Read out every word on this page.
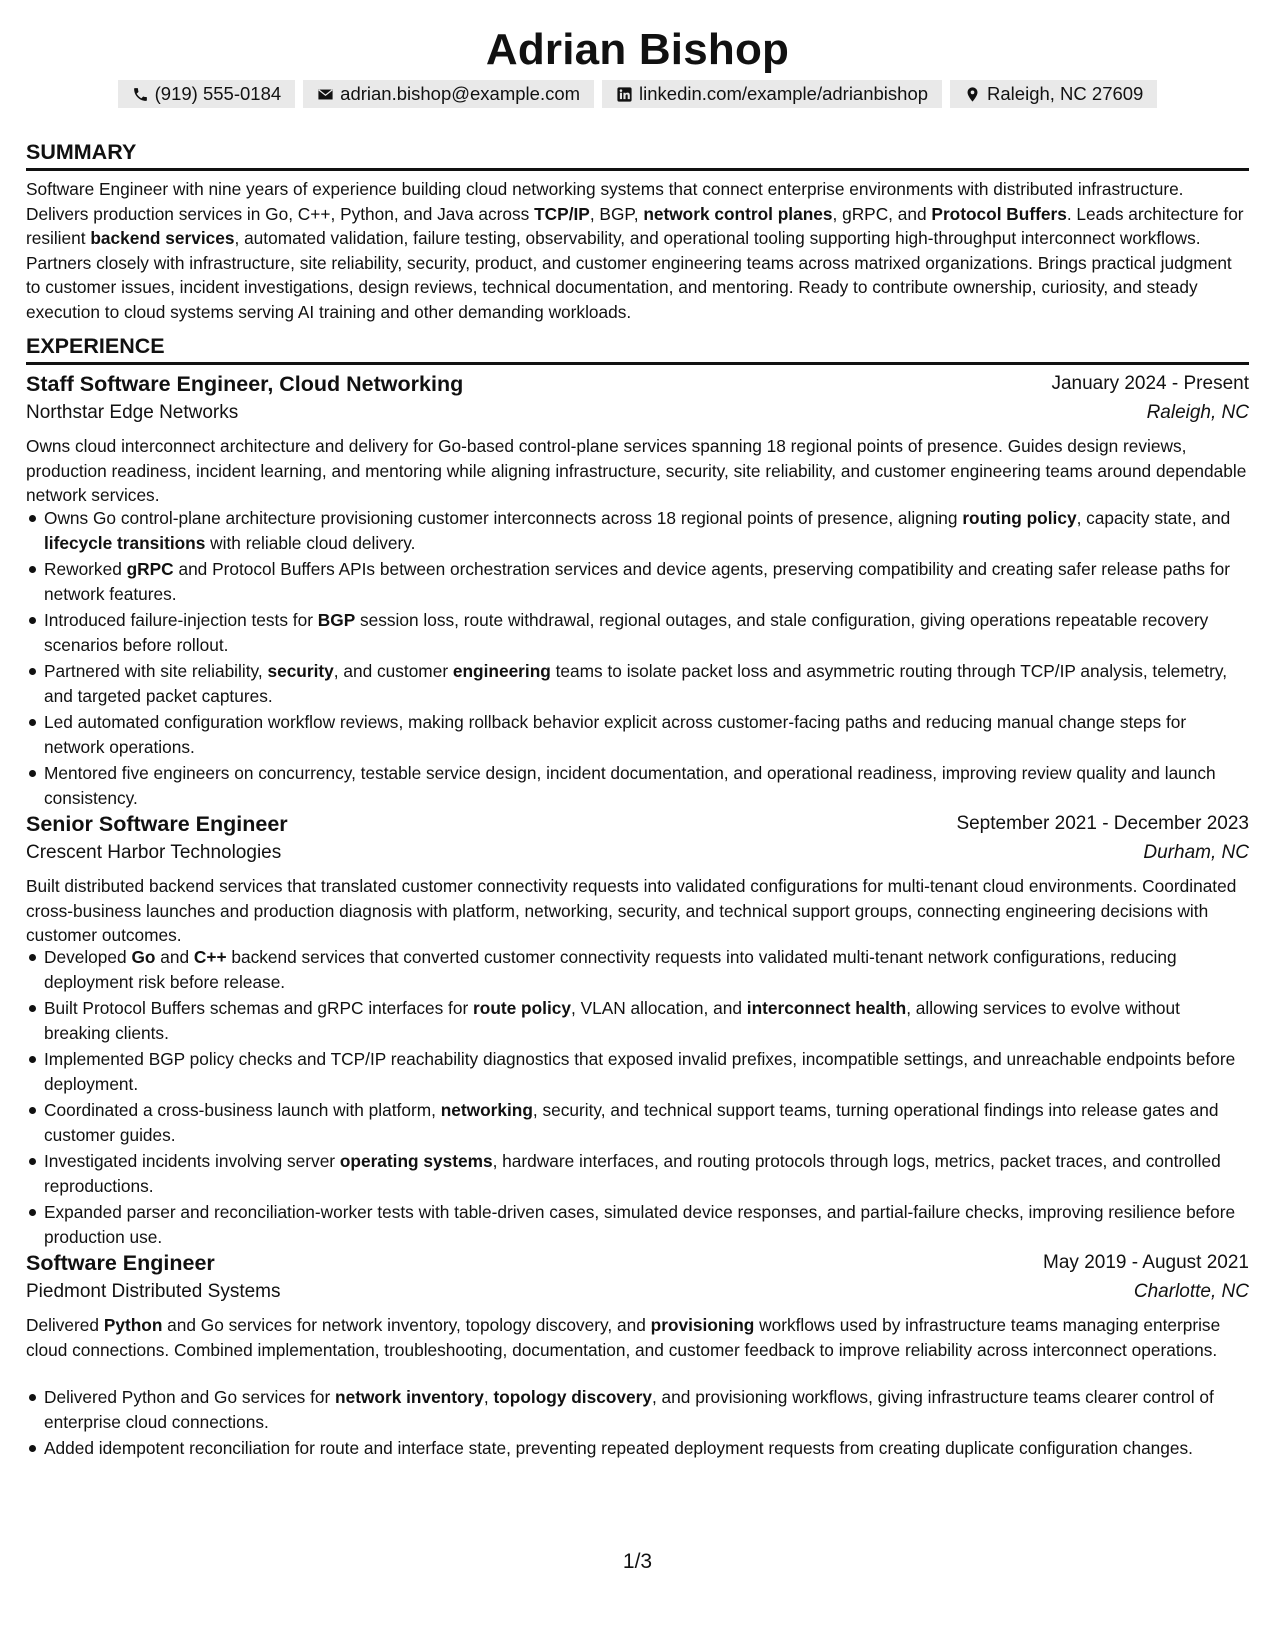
Adrian Bishop
(919) 555-0184	adrian.bishop@example.com	linkedin.com/example/adrianbishop	Raleigh, NC 27609
SUMMARY

Software Engineer with nine years of experience building cloud networking systems that connect enterprise environments with distributed infrastructure. Delivers production services in Go, C++, Python, and Java across TCP/IP, BGP, network control planes, gRPC, and Protocol Buffers. Leads architecture for resilient backend services, automated validation, failure testing, observability, and operational tooling supporting high-throughput interconnect workflows. Partners closely with infrastructure, site reliability, security, product, and customer engineering teams across matrixed organizations. Brings practical judgment to customer issues, incident investigations, design reviews, technical documentation, and mentoring. Ready to contribute ownership, curiosity, and steady execution to cloud systems serving AI training and other demanding workloads.

EXPERIENCE
Staff Software Engineer, Cloud Networking	January 2024 - Present
Northstar Edge Networks	Raleigh, NC

Owns cloud interconnect architecture and delivery for Go-based control-plane services spanning 18 regional points of presence. Guides design reviews, production readiness, incident learning, and mentoring while aligning infrastructure, security, site reliability, and customer engineering teams around dependable network services.

Owns Go control-plane architecture provisioning customer interconnects across 18 regional points of presence, aligning routing policy, capacity state, and lifecycle transitions with reliable cloud delivery.
Reworked gRPC and Protocol Buffers APIs between orchestration services and device agents, preserving compatibility and creating safer release paths for network features.
Introduced failure-injection tests for BGP session loss, route withdrawal, regional outages, and stale configuration, giving operations repeatable recovery scenarios before rollout.
Partnered with site reliability, security, and customer engineering teams to isolate packet loss and asymmetric routing through TCP/IP analysis, telemetry, and targeted packet captures.
Led automated configuration workflow reviews, making rollback behavior explicit across customer-facing paths and reducing manual change steps for network operations.
Mentored five engineers on concurrency, testable service design, incident documentation, and operational readiness, improving review quality and launch consistency.
Senior Software Engineer	September 2021 - December 2023
Crescent Harbor Technologies	Durham, NC

Built distributed backend services that translated customer connectivity requests into validated configurations for multi-tenant cloud environments. Coordinated cross-business launches and production diagnosis with platform, networking, security, and technical support groups, connecting engineering decisions with customer outcomes.

Developed Go and C++ backend services that converted customer connectivity requests into validated multi-tenant network configurations, reducing deployment risk before release.
Built Protocol Buffers schemas and gRPC interfaces for route policy, VLAN allocation, and interconnect health, allowing services to evolve without breaking clients.
Implemented BGP policy checks and TCP/IP reachability diagnostics that exposed invalid prefixes, incompatible settings, and unreachable endpoints before deployment.
Coordinated a cross-business launch with platform, networking, security, and technical support teams, turning operational findings into release gates and customer guides.
Investigated incidents involving server operating systems, hardware interfaces, and routing protocols through logs, metrics, packet traces, and controlled reproductions.
Expanded parser and reconciliation-worker tests with table-driven cases, simulated device responses, and partial-failure checks, improving resilience before production use.
Software Engineer	May 2019 - August 2021
Piedmont Distributed Systems	Charlotte, NC

Delivered Python and Go services for network inventory, topology discovery, and provisioning workflows used by infrastructure teams managing enterprise cloud connections. Combined implementation, troubleshooting, documentation, and customer feedback to improve reliability across interconnect operations.

Delivered Python and Go services for network inventory, topology discovery, and provisioning workflows, giving infrastructure teams clearer control of enterprise cloud connections.
Added idempotent reconciliation for route and interface state, preventing repeated deployment requests from creating duplicate configuration changes.
1/3
